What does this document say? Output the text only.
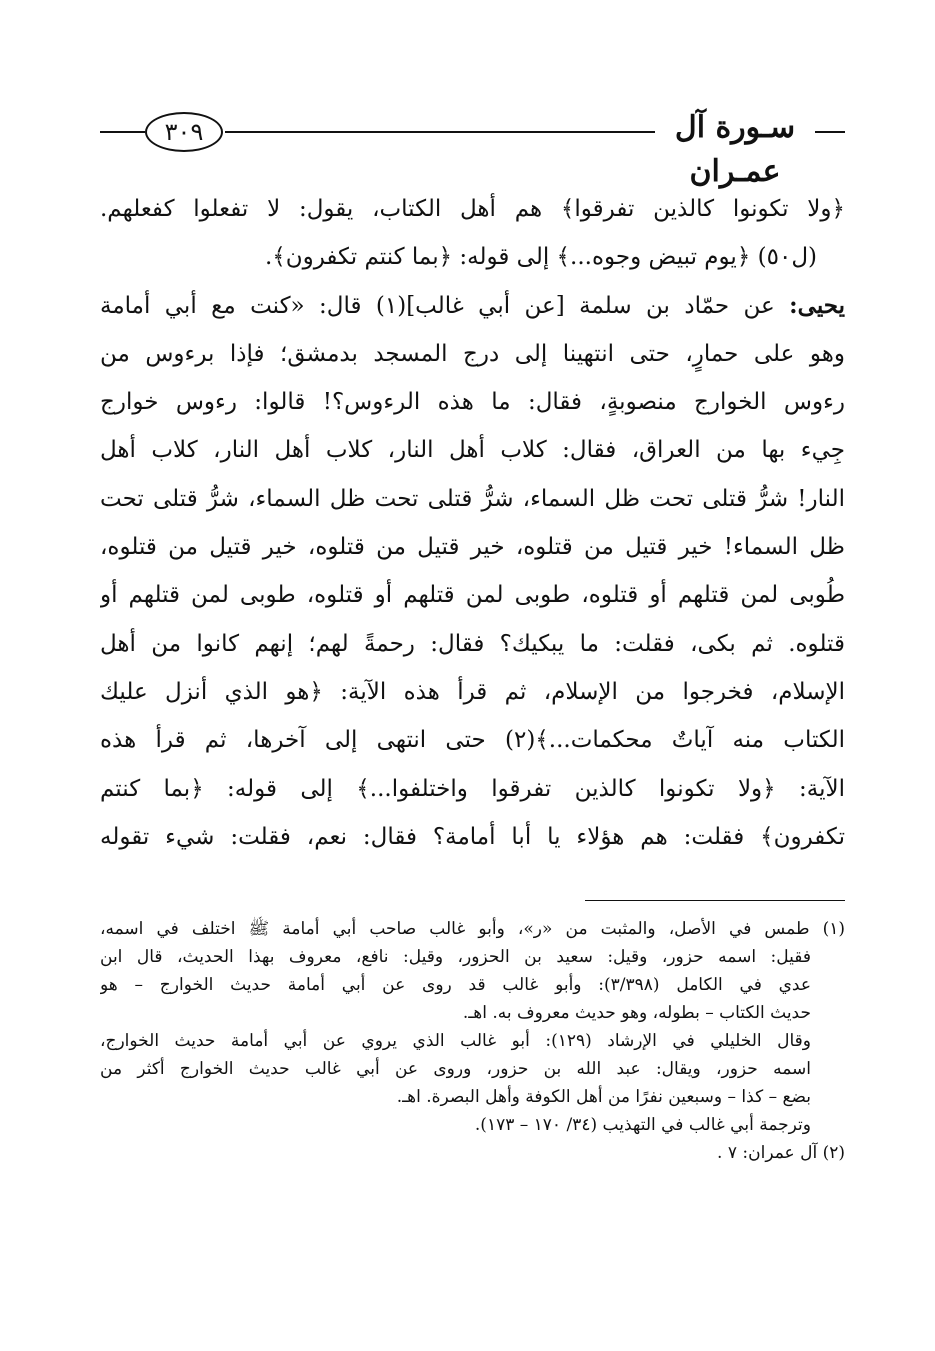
٣٠٩	سـورة آل عمـران
﴿ولا تكونوا كالذين تفرقوا﴾ هم أهل الكتاب، يقول: لا تفعلوا كفعلهم.
(ل٥٠) ﴿يوم تبيض وجوه...﴾ إلى قوله: ﴿بما كنتم تكفرون﴾.
يحيى: عن حمّاد بن سلمة [عن أبي غالب](١) قال: «كنت مع أبي أمامة
وهو على حمارٍ، حتى انتهينا إلى درج المسجد بدمشق؛ فإذا برءوس من
رءوس الخوارج منصوبةٍ، فقال: ما هذه الرءوس؟! قالوا: رءوس خوارج
جِيء بها من العراق، فقال: كلاب أهل النار، كلاب أهل النار، كلاب أهل
النار! شرُّ قتلى تحت ظل السماء، شرُّ قتلى تحت ظل السماء، شرُّ قتلى تحت
ظل السماء! خير قتيل من قتلوه، خير قتيل من قتلوه، خير قتيل من قتلوه،
طُوبى لمن قتلهم أو قتلوه، طوبى لمن قتلهم أو قتلوه، طوبى لمن قتلهم أو
قتلوه. ثم بكى، فقلت: ما يبكيك؟ فقال: رحمةً لهم؛ إنهم كانوا من أهل
الإسلام، فخرجوا من الإسلام، ثم قرأ هذه الآية: ﴿هو الذي أنزل عليك
الكتاب منه آياتٌ محكمات...﴾(٢) حتى انتهى إلى آخرها، ثم قرأ هذه
الآية: ﴿ولا تكونوا كالذين تفرقوا واختلفوا...﴾ إلى قوله: ﴿بما كنتم
تكفرون﴾ فقلت: هم هؤلاء يا أبا أمامة؟ فقال: نعم، فقلت: شيء تقوله
(١) طمس في الأصل، والمثبت من «ر»، وأبو غالب صاحب أبي أمامة ﷺ اختلف في اسمه،
فقيل: اسمه حزور، وقيل: سعيد بن الحزور، وقيل: نافع، معروف بهذا الحديث، قال ابن
عدي في الكامل (٣/٣٩٨): وأبو غالب قد روى عن أبي أمامة حديث الخوارج – هو
حديث الكتاب – بطوله، وهو حديث معروف به. اهـ.
وقال الخليلي في الإرشاد (١٢٩): أبو غالب الذي يروي عن أبي أمامة حديث الخوارج،
اسمه حزور، ويقال: عبد الله بن حزور، وروى عن أبي غالب حديث الخوارج أكثر من
بضع – كذا – وسبعين نفرًا من أهل الكوفة وأهل البصرة. اهـ.
وترجمة أبي غالب في التهذيب (٣٤/ ١٧٠ – ١٧٣).
(٢) آل عمران: ٧ .
